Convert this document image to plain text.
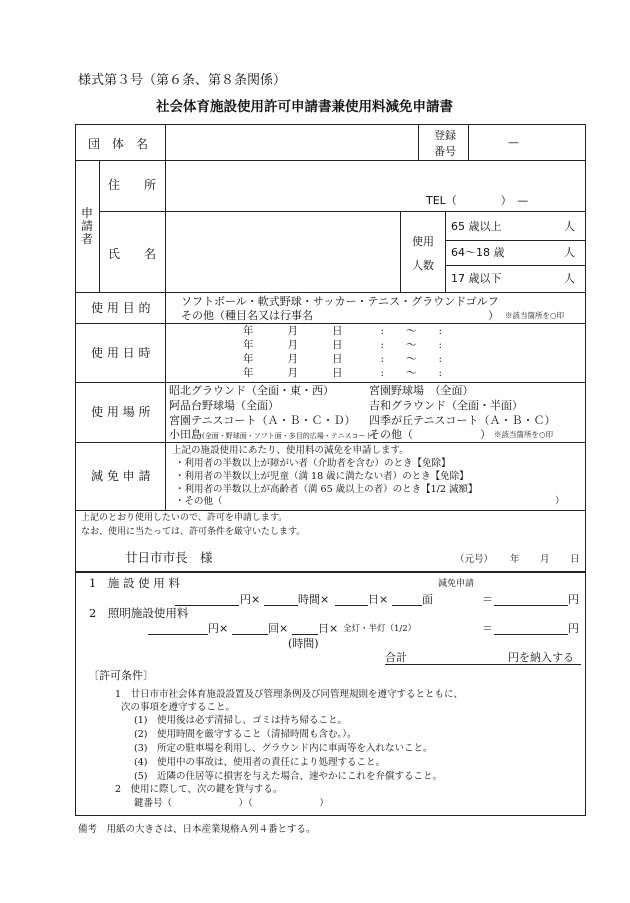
様式第３号（第６条、第８条関係）
社会体育施設使用許可申請書兼使用料減免申請書
団　体　名
登録
番号
—
申
請
者
住　　所
TEL（　　　　）　—
氏　　名
使用
人数
65 歳以上	人
64～18 歳	人
17 歳以下	人
使 用 目 的	ソフトボール・軟式野球・サッカー・テニス・グラウンドゴルフ
その他（種目名又は行事名	） ※該当箇所を○印
使 用 日 時
年	月	日	: ～ :
年	月	日	: ～ :
年	月	日	: ～ :
年	月	日	: ～ :
使 用 場 所
昭北グラウンド（全面・東・西）	宮園野球場　（全面）
阿品台野球場（全面）	吉和グラウンド（全面・半面）
宮園テニスコート（Ａ・Ｂ・Ｃ・Ｄ） 四季が丘テニスコート（Ａ・Ｂ・Ｃ）
小田島(全面・野球面・ソフト面・多目的広場・テニスコート)
その他（	） ※該当箇所を○印
減 免 申 請
上記の施設使用にあたり、使用料の減免を申請します。
・利用者の半数以上が障がい者（介助者を含む）のとき【免除】
・利用者の半数以上が児童（満 18 歳に満たない者）のとき【免除】
・利用者の半数以上が高齢者（満 65 歳以上の者）のとき【1/2 減額】
・その他（	）
上記のとおり使用したいので、許可を申請します。
なお、使用に当たっては、許可条件を厳守いたします。
廿日市市長　様	（元号） 年 月 日
1　施 設 使 用 料	減免申請
円×	時間×	日×	面	＝	円
2　照明施設使用料
円×	回×	日× 全灯・半灯（1/2）	＝	円
(時間)
合計	円を納入する
〔許可条件〕
1　廿日市市社会体育施設設置及び管理条例及び同管理規則を遵守するとともに、
次の事項を遵守すること。
(1)　使用後は必ず清掃し、ゴミは持ち帰ること。
(2)　使用時間を厳守すること（清掃時間も含む。）。
(3)　所定の駐車場を利用し、グラウンド内に車両等を入れないこと。
(4)　使用中の事故は、使用者の責任により処理すること。
(5)　近隣の住居等に損害を与えた場合、速やかにこれを弁償すること。
2　使用に際して、次の鍵を貸与する。
鍵番号（　　　　　　　）（　　　　　　　）
備考　用紙の大きさは、日本産業規格Ａ列４番とする。
